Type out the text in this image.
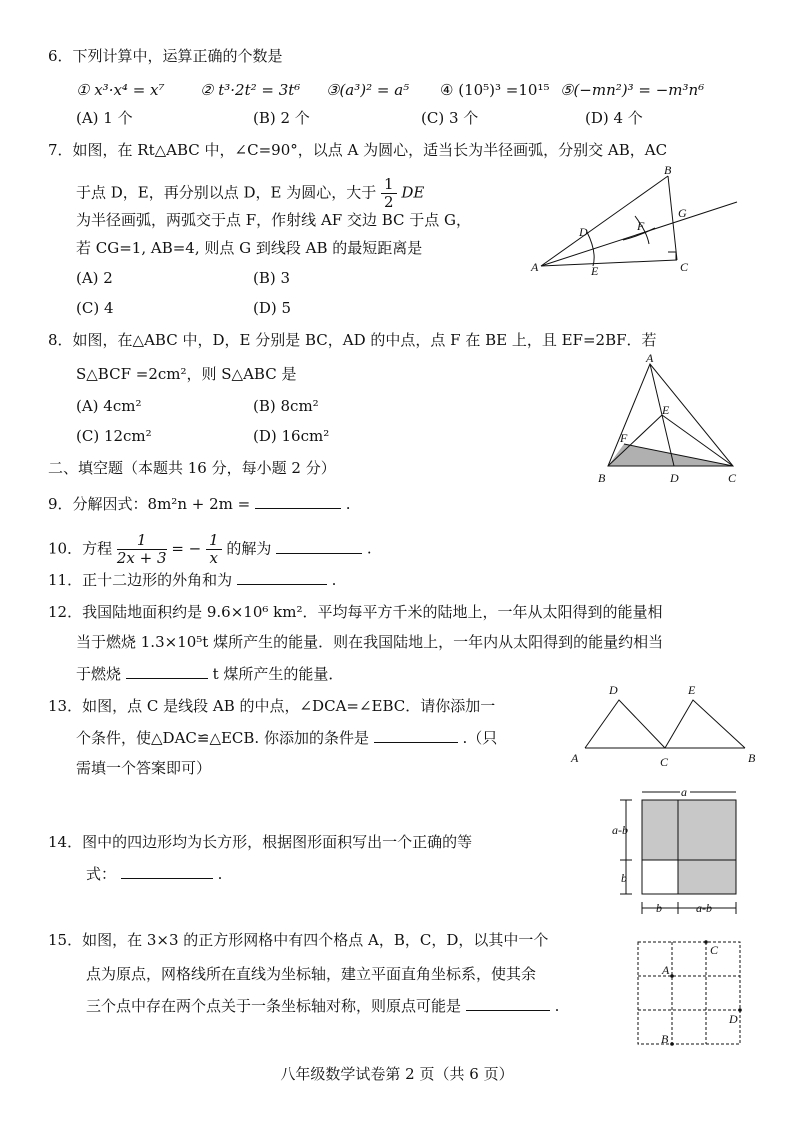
6．下列计算中，运算正确的个数是
① x³·x⁴ = x⁷ ② t³·2t² = 3t⁶ ③(a³)² = a⁵ ④ (10⁵)³ =10¹⁵ ⑤(−mn²)³ = −m³n⁶
(A) 1 个	(B) 2 个	(C) 3 个	(D) 4 个
7．如图，在 Rt△ABC 中，∠C=90°，以点 A 为圆心，适当长为半径画弧，分别交 AB，AC
于点 D，E，再分别以点 D，E 为圆心，大于 $\frac{1}{2}$ DE
为半径画弧，两弧交于点 F，作射线 AF 交边 BC 于点 G，
若 CG=1, AB=4, 则点 G 到线段 AB 的最短距离是
(A) 2	(B) 3
(C) 4	(D) 5
A
B
C
D
E
F
G
8．如图，在△ABC 中，D，E 分别是 BC，AD 的中点，点 F 在 BE 上，且 EF=2BF．若
S△BCF =2cm²，则 S△ABC 是
(A) 4cm²	(B) 8cm²
(C) 12cm²	(D) 16cm²
A
B	C
D
E
F
二、填空题（本题共 16 分，每小题 2 分）
9．分解因式：8m²n + 2m =	.
10．方程 $\frac{1}{2x + 3}$ = − $\frac{1}{x}$ 的解为	.
11．正十二边形的外角和为	.
12．我国陆地面积约是 9.6×10⁶ km²．平均每平方千米的陆地上，一年从太阳得到的能量相
当于燃烧 1.3×10⁵t 煤所产生的能量．则在我国陆地上，一年内从太阳得到的能量约相当
于燃烧	t 煤所产生的能量．
13．如图，点 C 是线段 AB 的中点，∠DCA=∠EBC．请你添加一
个条件，使△DAC≌△ECB. 你添加的条件是	.（只
需填一个答案即可）
D	E
A	C	B
14．图中的四边形均为长方形，根据图形面积写出一个正确的等
式：	.
a
a-b
b
b	a-b
15．如图，在 3×3 的正方形网格中有四个格点 A，B，C，D，以其中一个
点为原点，网格线所在直线为坐标轴，建立平面直角坐标系，使其余
三个点中存在两个点关于一条坐标轴对称，则原点可能是	.
A
B
C
D
八年级数学试卷第 2 页（共 6 页）
